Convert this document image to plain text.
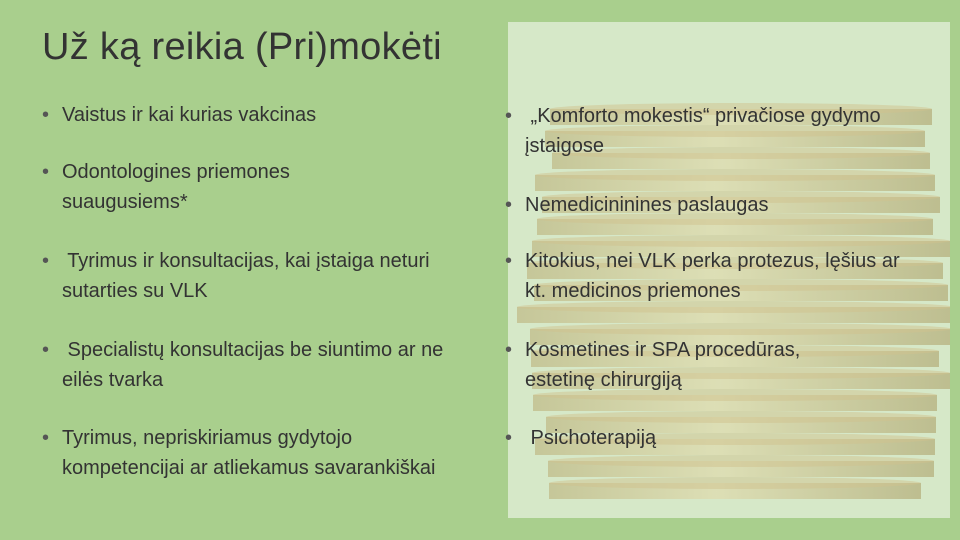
Už ką reikia (Pri)mokėti
• Vaistus ir kai kurias vakcinas
• Odontologines priemones suaugusiems*
• Tyrimus ir konsultacijas, kai įstaiga neturi sutarties su VLK
• Specialistų konsultacijas be siuntimo ar ne eilės tvarka
• Tyrimus, nepriskiriamus gydytojo kompetencijai ar atliekamus savarankiškai
• „Komforto mokestis“ privačiose gydymo įstaigose
• Nemedicininines paslaugas
• Kitokius, nei VLK perka protezus, lęšius ar kt. medicinos priemones
• Kosmetines ir SPA procedūras, estetinę chirurgiją
• Psichoterapiją
